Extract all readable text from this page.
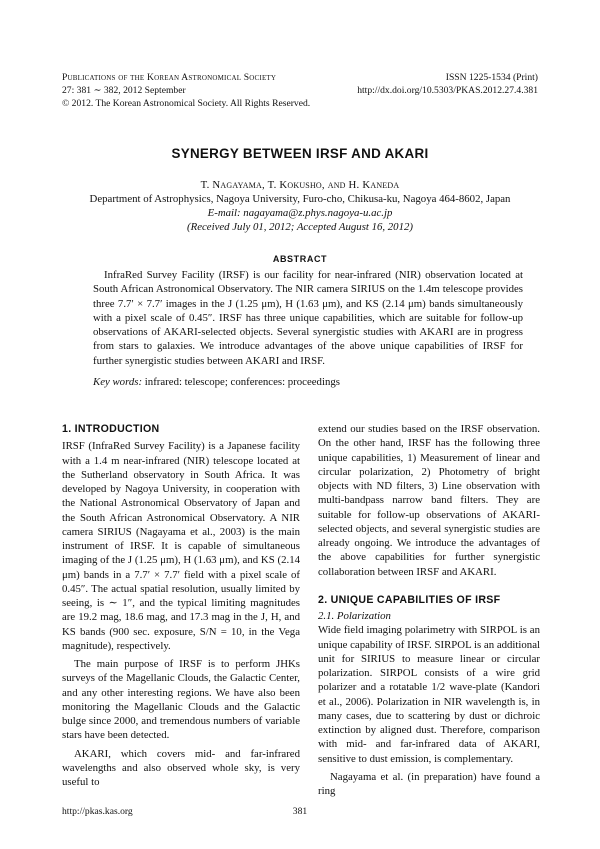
Publications of the Korean Astronomical Society
27: 381 ∼ 382, 2012 September
© 2012. The Korean Astronomical Society. All Rights Reserved.
ISSN 1225-1534 (Print)
http://dx.doi.org/10.5303/PKAS.2012.27.4.381
SYNERGY BETWEEN IRSF AND AKARI
T. Nagayama, T. Kokusho, and H. Kaneda
Department of Astrophysics, Nagoya University, Furo-cho, Chikusa-ku, Nagoya 464-8602, Japan
E-mail: nagayama@z.phys.nagoya-u.ac.jp
(Received July 01, 2012; Accepted August 16, 2012)
ABSTRACT
InfraRed Survey Facility (IRSF) is our facility for near-infrared (NIR) observation located at South African Astronomical Observatory. The NIR camera SIRIUS on the 1.4m telescope provides three 7.7′ × 7.7′ images in the J (1.25 μm), H (1.63 μm), and KS (2.14 μm) bands simultaneously with a pixel scale of 0.45″. IRSF has three unique capabilities, which are suitable for follow-up observations of AKARI-selected objects. Several synergistic studies with AKARI are in progress from stars to galaxies. We introduce advantages of the above unique capabilities of IRSF for further synergistic studies between AKARI and IRSF.
Key words: infrared: telescope; conferences: proceedings
1. INTRODUCTION

IRSF (InfraRed Survey Facility) is a Japanese facility with a 1.4 m near-infrared (NIR) telescope located at the Sutherland observatory in South Africa. It was developed by Nagoya University, in cooperation with the National Astronomical Observatory of Japan and the South African Astronomical Observatory. A NIR camera SIRIUS (Nagayama et al., 2003) is the main instrument of IRSF. It is capable of simultaneous imaging of the J (1.25 μm), H (1.63 μm), and KS (2.14 μm) bands in a 7.7′ × 7.7′ field with a pixel scale of 0.45″. The actual spatial resolution, usually limited by seeing, is ∼ 1″, and the typical limiting magnitudes are 19.2 mag, 18.6 mag, and 17.3 mag in the J, H, and KS bands (900 sec. exposure, S/N = 10, in the Vega magnitude), respectively.

The main purpose of IRSF is to perform JHKs surveys of the Magellanic Clouds, the Galactic Center, and any other interesting regions. We have also been monitoring the Magellanic Clouds and the Galactic bulge since 2000, and tremendous numbers of variable stars have been detected.

AKARI, which covers mid- and far-infrared wavelengths and also observed whole sky, is very useful to

extend our studies based on the IRSF observation. On the other hand, IRSF has the following three unique capabilities, 1) Measurement of linear and circular polarization, 2) Photometry of bright objects with ND filters, 3) Line observation with multi-bandpass narrow band filters. They are suitable for follow-up observations of AKARI-selected objects, and several synergistic studies are already ongoing. We introduce the advantages of the above capabilities for further synergistic collaboration between IRSF and AKARI.

2. UNIQUE CAPABILITIES OF IRSF
2.1. Polarization

Wide field imaging polarimetry with SIRPOL is an unique capability of IRSF. SIRPOL is an additional unit for SIRIUS to measure linear or circular polarization. SIRPOL consists of a wire grid polarizer and a rotatable 1/2 wave-plate (Kandori et al., 2006). Polarization in NIR wavelength is, in many cases, due to scattering by dust or dichroic extinction by aligned dust. Therefore, comparison with mid- and far-infrared data of AKARI, sensitive to dust emission, is complementary.

Nagayama et al. (in preparation) have found a ring

http://pkas.kas.org	381
